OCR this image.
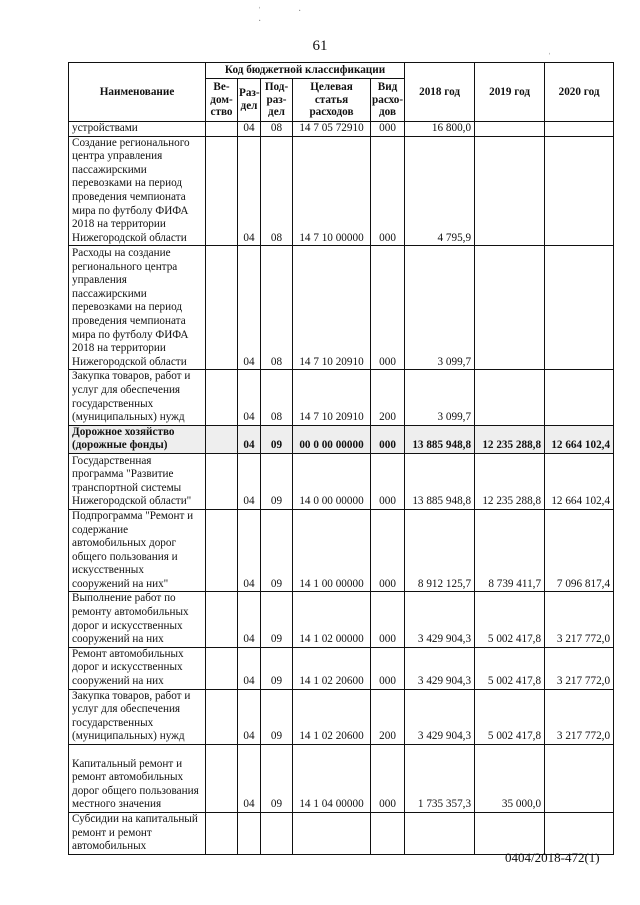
ˈ
·
·
ˌ
61
Наименование	Код бюджетной классификации					2018 год	2019 год	2020 год
	Ве-дом-ство	Раз-дел	Под-раз-дел	Целевая статья расходов	Вид расхо-дов			
устройствами		04	08	14 7 05 72910	000	16 800,0		
Создание регионального центра управления пассажирскими перевозками на период проведения чемпионата мира по футболу ФИФА 2018 на территории Нижегородской области		04	08	14 7 10 00000	000	4 795,9		
Расходы на создание регионального центра управления пассажирскими перевозками на период проведения чемпионата мира по футболу ФИФА 2018 на территории Нижегородской области		04	08	14 7 10 20910	000	3 099,7		
Закупка товаров, работ и услуг для обеспечения государственных (муниципальных) нужд		04	08	14 7 10 20910	200	3 099,7		
Дорожное хозяйство (дорожные фонды)		04	09	00 0 00 00000	000	13 885 948,8	12 235 288,8	12 664 102,4
Государственная программа "Развитие транспортной системы Нижегородской области"		04	09	14 0 00 00000	000	13 885 948,8	12 235 288,8	12 664 102,4
Подпрограмма "Ремонт и содержание автомобильных дорог общего пользования и искусственных сооружений на них"		04	09	14 1 00 00000	000	8 912 125,7	8 739 411,7	7 096 817,4
Выполнение работ по ремонту автомобильных дорог и искусственных сооружений на них		04	09	14 1 02 00000	000	3 429 904,3	5 002 417,8	3 217 772,0
Ремонт автомобильных дорог и искусственных сооружений на них		04	09	14 1 02 20600	000	3 429 904,3	5 002 417,8	3 217 772,0
Закупка товаров, работ и услуг для обеспечения государственных (муниципальных) нужд		04	09	14 1 02 20600	200	3 429 904,3	5 002 417,8	3 217 772,0
Капитальный ремонт и ремонт автомобильных дорог общего пользования местного значения		04	09	14 1 04 00000	000	1 735 357,3	35 000,0	
Субсидии на капитальный ремонт и ремонт автомобильных								
0404/2018-472(1)
